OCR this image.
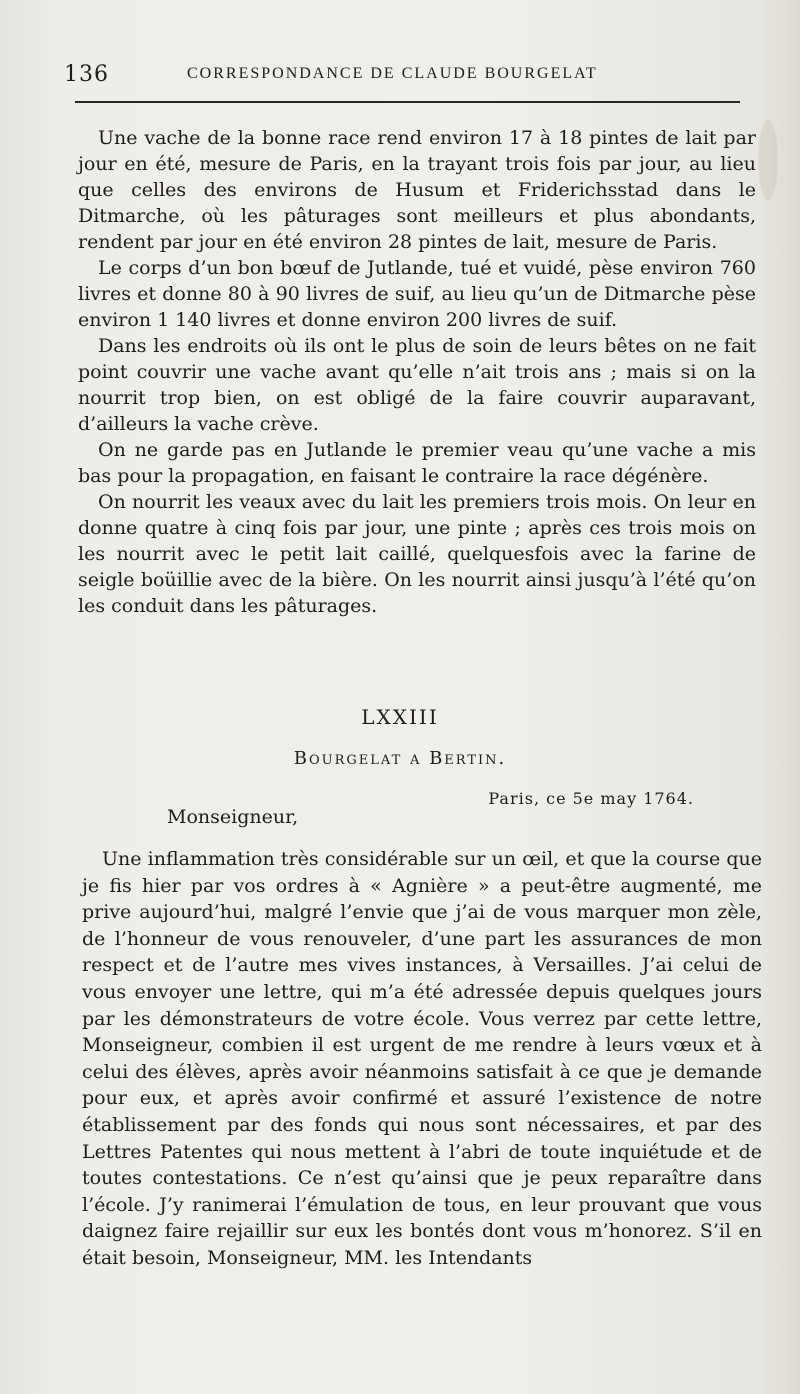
136	CORRESPONDANCE DE CLAUDE BOURGELAT

Une vache de la bonne race rend environ 17 à 18 pintes de lait par jour en été, mesure de Paris, en la trayant trois fois par jour, au lieu que celles des environs de Husum et Friderichsstad dans le Ditmarche, où les pâturages sont meilleurs et plus abondants, rendent par jour en été environ 28 pintes de lait, mesure de Paris.

Le corps d’un bon bœuf de Jutlande, tué et vuidé, pèse environ 760 livres et donne 80 à 90 livres de suif, au lieu qu’un de Ditmarche pèse environ 1 140 livres et donne environ 200 livres de suif.

Dans les endroits où ils ont le plus de soin de leurs bêtes on ne fait point couvrir une vache avant qu’elle n’ait trois ans ; mais si on la nourrit trop bien, on est obligé de la faire couvrir auparavant, d’ailleurs la vache crève.

On ne garde pas en Jutlande le premier veau qu’une vache a mis bas pour la propagation, en faisant le contraire la race dégénère.

On nourrit les veaux avec du lait les premiers trois mois. On leur en donne quatre à cinq fois par jour, une pinte ; après ces trois mois on les nourrit avec le petit lait caillé, quelquesfois avec la farine de seigle boüillie avec de la bière. On les nourrit ainsi jusqu’à l’été qu’on les conduit dans les pâturages.

LXXIII
Bourgelat a Bertin.
Paris, ce 5e may 1764.
Monseigneur,

Une inflammation très considérable sur un œil, et que la course que je fis hier par vos ordres à « Agnière » a peut-être augmenté, me prive aujourd’hui, malgré l’envie que j’ai de vous marquer mon zèle, de l’honneur de vous renouveler, d’une part les assurances de mon respect et de l’autre mes vives instances, à Versailles. J’ai celui de vous envoyer une lettre, qui m’a été adressée depuis quelques jours par les démonstrateurs de votre école. Vous verrez par cette lettre, Monseigneur, combien il est urgent de me rendre à leurs vœux et à celui des élèves, après avoir néanmoins satisfait à ce que je demande pour eux, et après avoir confirmé et assuré l’existence de notre établissement par des fonds qui nous sont nécessaires, et par des Lettres Patentes qui nous mettent à l’abri de toute inquiétude et de toutes contestations. Ce n’est qu’ainsi que je peux reparaître dans l’école. J’y ranimerai l’émulation de tous, en leur prouvant que vous daignez faire rejaillir sur eux les bontés dont vous m’honorez. S’il en était besoin, Monseigneur, MM. les Intendants
